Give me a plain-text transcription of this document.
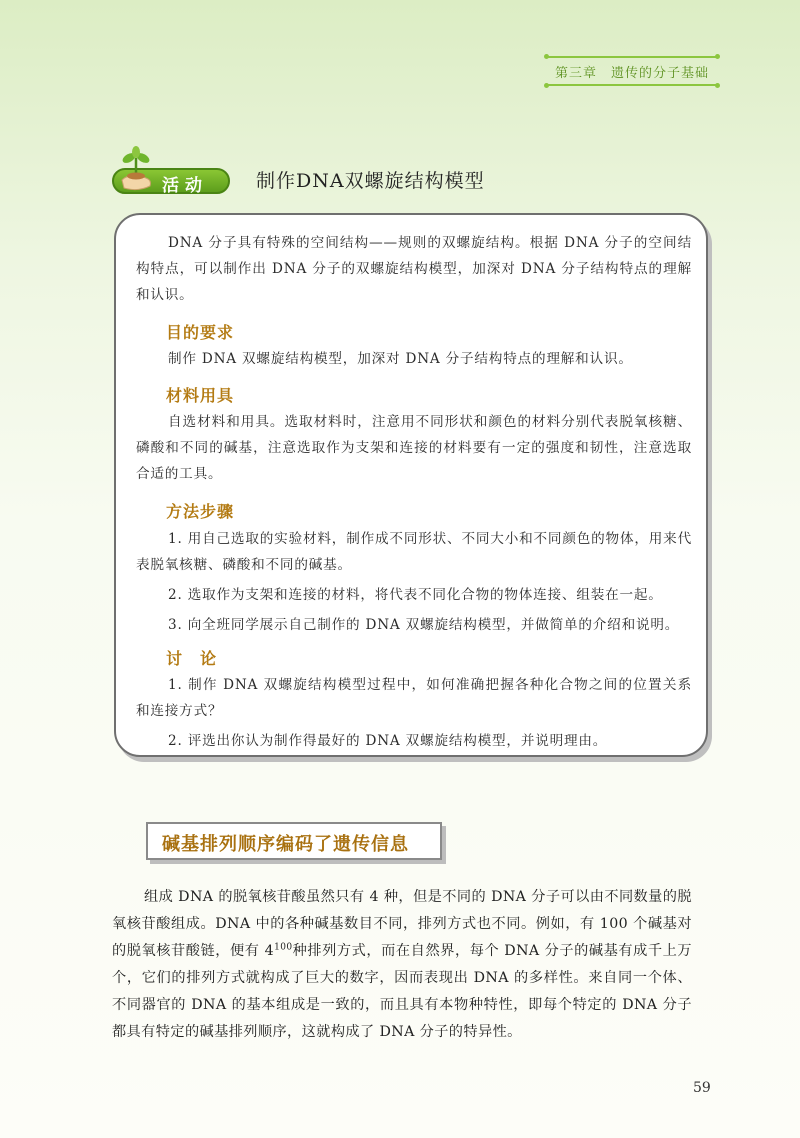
第三章　遗传的分子基础
活动	制作DNA双螺旋结构模型

DNA 分子具有特殊的空间结构——规则的双螺旋结构。根据 DNA 分子的空间结构特点，可以制作出 DNA 分子的双螺旋结构模型，加深对 DNA 分子结构特点的理解和认识。

目的要求

制作 DNA 双螺旋结构模型，加深对 DNA 分子结构特点的理解和认识。

材料用具

自选材料和用具。选取材料时，注意用不同形状和颜色的材料分别代表脱氧核糖、磷酸和不同的碱基，注意选取作为支架和连接的材料要有一定的强度和韧性，注意选取合适的工具。

方法步骤

1. 用自己选取的实验材料，制作成不同形状、不同大小和不同颜色的物体，用来代表脱氧核糖、磷酸和不同的碱基。

2. 选取作为支架和连接的材料，将代表不同化合物的物体连接、组装在一起。

3. 向全班同学展示自己制作的 DNA 双螺旋结构模型，并做简单的介绍和说明。

讨　论

1. 制作 DNA 双螺旋结构模型过程中，如何准确把握各种化合物之间的位置关系和连接方式？

2. 评选出你认为制作得最好的 DNA 双螺旋结构模型，并说明理由。

碱基排列顺序编码了遗传信息

组成 DNA 的脱氧核苷酸虽然只有 4 种，但是不同的 DNA 分子可以由不同数量的脱氧核苷酸组成。DNA 中的各种碱基数目不同，排列方式也不同。例如，有 100 个碱基对的脱氧核苷酸链，便有 $4^{100}$种排列方式，而在自然界，每个 DNA 分子的碱基有成千上万个，它们的排列方式就构成了巨大的数字，因而表现出 DNA 的多样性。来自同一个体、不同器官的 DNA 的基本组成是一致的，而且具有本物种特性，即每个特定的 DNA 分子都具有特定的碱基排列顺序，这就构成了 DNA 分子的特异性。

59
